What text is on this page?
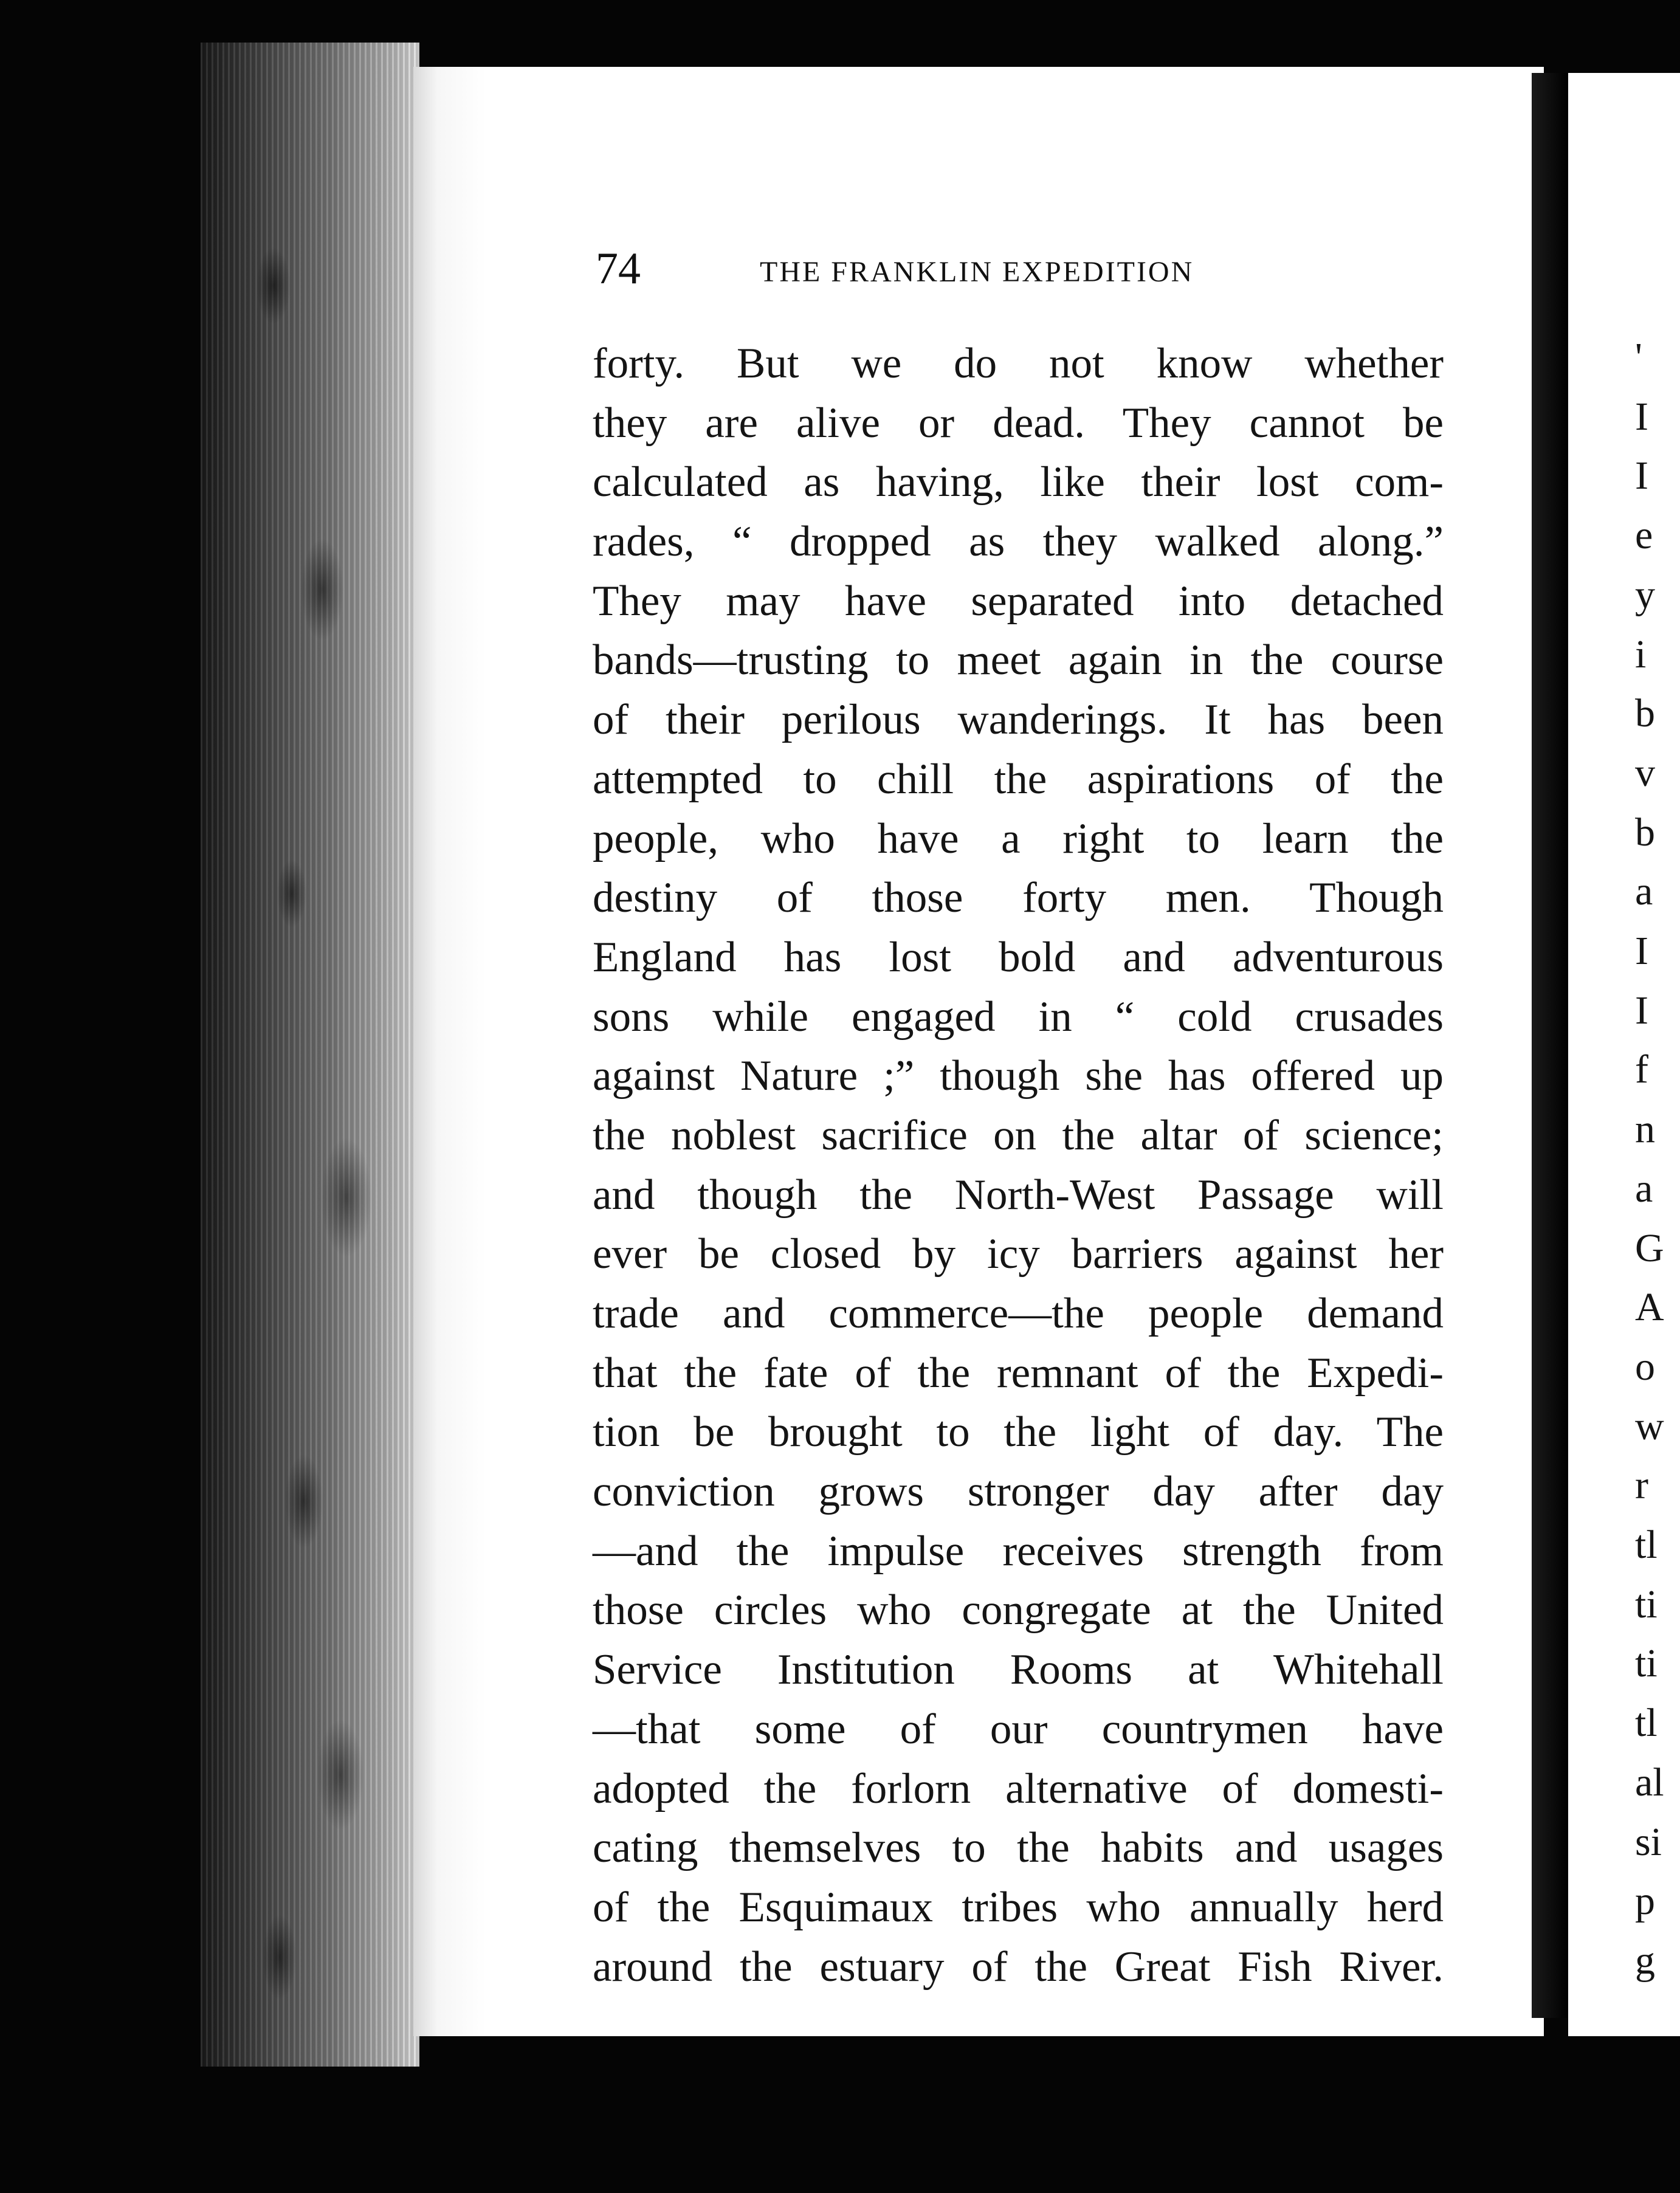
'
I
I
e
y
i
b
v
b
a
I
I
f
n
a
G
A
o
w
r
tl
ti
ti
tl
al
si
p
g
74	THE FRANKLIN EXPEDITION
forty. But we do not know whether
they are alive or dead. They cannot be
calculated as having, like their lost com-
rades, “ dropped as they walked along.”
They may have separated into detached
bands—trusting to meet again in the course
of their perilous wanderings. It has been
attempted to chill the aspirations of the
people, who have a right to learn the
destiny of those forty men. Though
England has lost bold and adventurous
sons while engaged in “ cold crusades
against Nature ;” though she has offered up
the noblest sacrifice on the altar of science;
and though the North-West Passage will
ever be closed by icy barriers against her
trade and commerce—the people demand
that the fate of the remnant of the Expedi-
tion be brought to the light of day. The
conviction grows stronger day after day
—and the impulse receives strength from
those circles who congregate at the United
Service Institution Rooms at Whitehall
—that some of our countrymen have
adopted the forlorn alternative of domesti-
cating themselves to the habits and usages
of the Esquimaux tribes who annually herd
around the estuary of the Great Fish River.
